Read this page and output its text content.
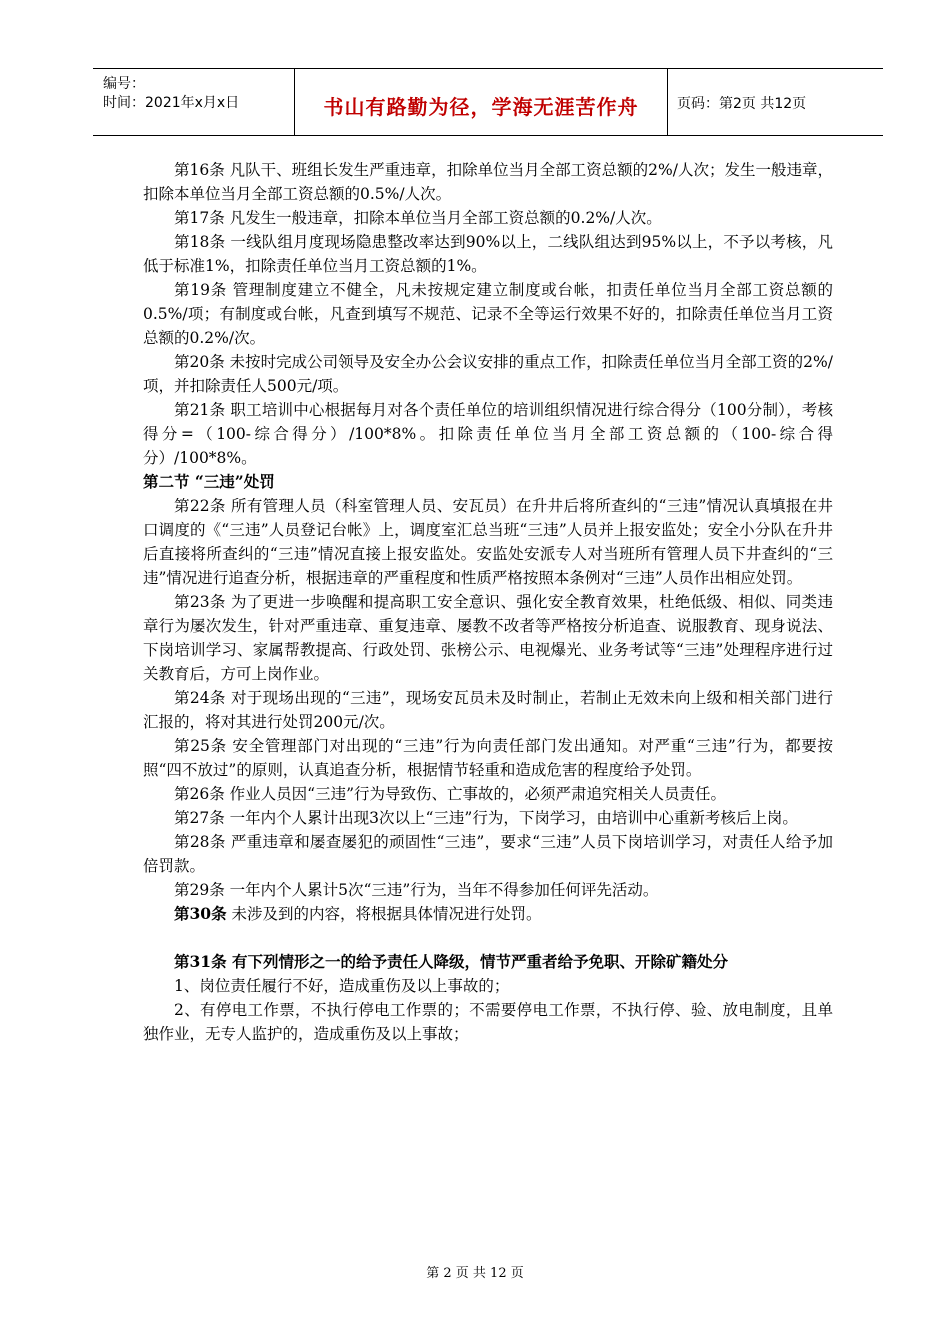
编号：
时间：2021年x月x日	书山有路勤为径，学海无涯苦作舟	页码：第2页 共12页

第16条 凡队干、班组长发生严重违章，扣除单位当月全部工资总额的2%/人次；发生一般违章，扣除本单位当月全部工资总额的0.5%/人次。

第17条 凡发生一般违章，扣除本单位当月全部工资总额的0.2%/人次。

第18条 一线队组月度现场隐患整改率达到90%以上，二线队组达到95%以上，不予以考核，凡低于标准1%，扣除责任单位当月工资总额的1%。

第19条 管理制度建立不健全，凡未按规定建立制度或台帐，扣责任单位当月全部工资总额的0.5%/项；有制度或台帐，凡查到填写不规范、记录不全等运行效果不好的，扣除责任单位当月工资总额的0.2%/次。

第20条 未按时完成公司领导及安全办公会议安排的重点工作，扣除责任单位当月全部工资的2%/项，并扣除责任人500元/项。

第21条 职工培训中心根据每月对各个责任单位的培训组织情况进行综合得分（100分制），考核得分=（100-综合得分）/100*8%。扣除责任单位当月全部工资总额的（100-综合得分）/100*8%。

第二节 “三违”处罚

第22条 所有管理人员（科室管理人员、安瓦员）在升井后将所查纠的“三违”情况认真填报在井口调度的《“三违”人员登记台帐》上，调度室汇总当班“三违”人员并上报安监处；安全小分队在升井后直接将所查纠的“三违”情况直接上报安监处。安监处安派专人对当班所有管理人员下井查纠的“三违”情况进行追查分析，根据违章的严重程度和性质严格按照本条例对“三违”人员作出相应处罚。

第23条 为了更进一步唤醒和提高职工安全意识、强化安全教育效果，杜绝低级、相似、同类违章行为屡次发生，针对严重违章、重复违章、屡教不改者等严格按分析追查、说服教育、现身说法、下岗培训学习、家属帮教提高、行政处罚、张榜公示、电视爆光、业务考试等“三违”处理程序进行过关教育后，方可上岗作业。

第24条 对于现场出现的“三违”，现场安瓦员未及时制止，若制止无效未向上级和相关部门进行汇报的，将对其进行处罚200元/次。

第25条 安全管理部门对出现的“三违”行为向责任部门发出通知。对严重“三违”行为，都要按照“四不放过”的原则，认真追查分析，根据情节轻重和造成危害的程度给予处罚。

第26条 作业人员因“三违”行为导致伤、亡事故的，必须严肃追究相关人员责任。

第27条 一年内个人累计出现3次以上“三违”行为，下岗学习，由培训中心重新考核后上岗。

第28条 严重违章和屡查屡犯的顽固性“三违”，要求“三违”人员下岗培训学习，对责任人给予加倍罚款。

第29条 一年内个人累计5次“三违”行为，当年不得参加任何评先活动。

第30条 未涉及到的内容，将根据具体情况进行处罚。

第31条 有下列情形之一的给予责任人降级，情节严重者给予免职、开除矿籍处分

1、岗位责任履行不好，造成重伤及以上事故的；

2、有停电工作票，不执行停电工作票的；不需要停电工作票，不执行停、验、放电制度，且单独作业，无专人监护的，造成重伤及以上事故；

第 2 页 共 12 页
